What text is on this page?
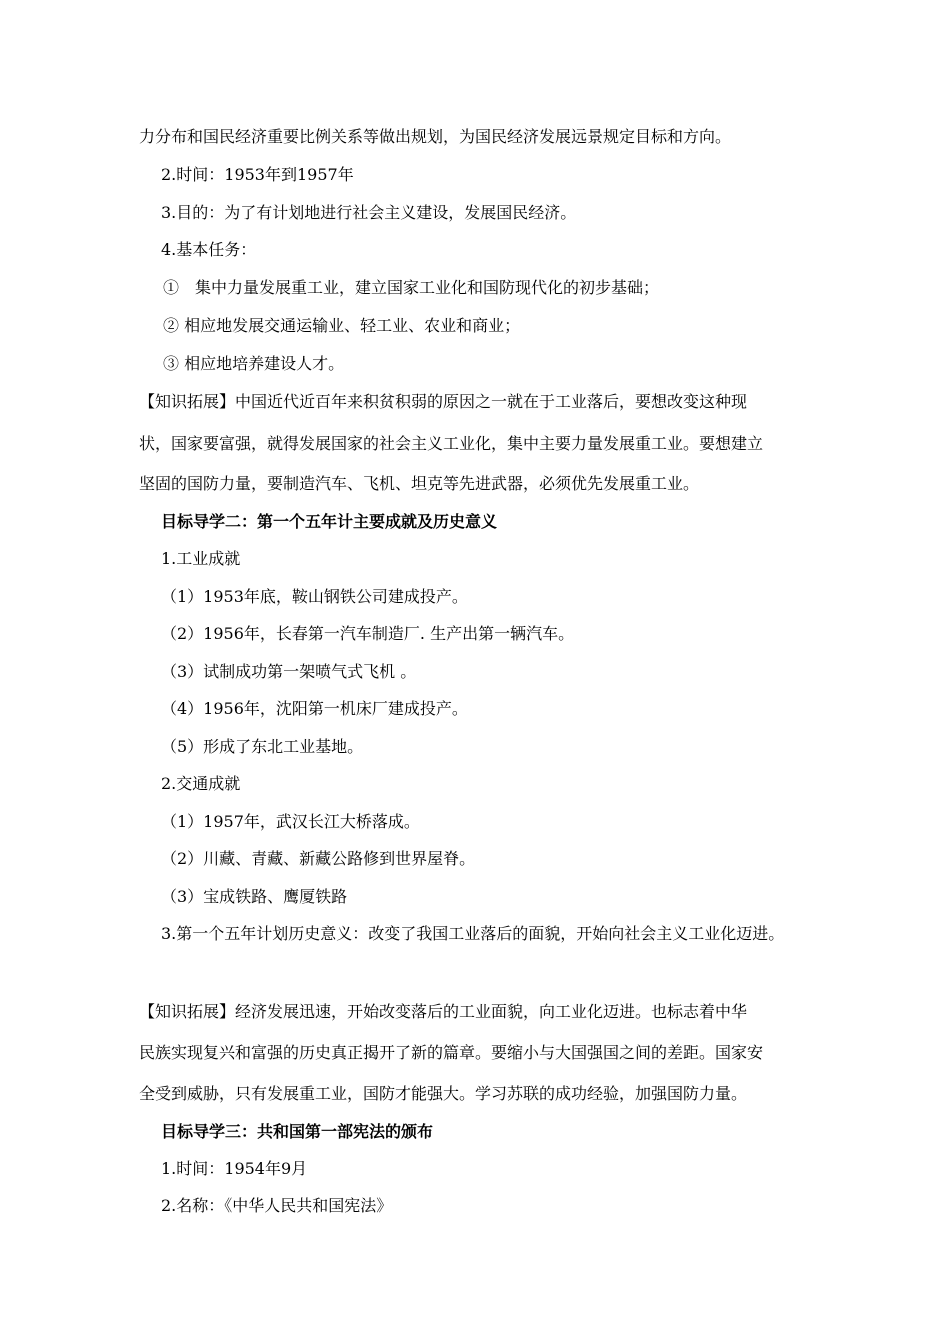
力分布和国民经济重要比例关系等做出规划，为国民经济发展远景规定目标和方向。
2.时间：1953年到1957年
3.目的：为了有计划地进行社会主义建设，发展国民经济。
4.基本任务：
①　集中力量发展重工业，建立国家工业化和国防现代化的初步基础；
② 相应地发展交通运输业、轻工业、农业和商业；
③ 相应地培养建设人才。
【知识拓展】中国近代近百年来积贫积弱的原因之一就在于工业落后，要想改变这种现
状，国家要富强，就得发展国家的社会主义工业化，集中主要力量发展重工业。要想建立
坚固的国防力量，要制造汽车、飞机、坦克等先进武器，必须优先发展重工业。
目标导学二：第一个五年计主要成就及历史意义
1.工业成就
（1）1953年底，鞍山钢铁公司建成投产。
（2）1956年，长春第一汽车制造厂. 生产出第一辆汽车。
（3）试制成功第一架喷气式飞机 。
（4）1956年，沈阳第一机床厂建成投产。
（5）形成了东北工业基地。
2.交通成就
（1）1957年，武汉长江大桥落成。
（2）川藏、青藏、新藏公路修到世界屋脊。
（3）宝成铁路、鹰厦铁路
3.第一个五年计划历史意义：改变了我国工业落后的面貌，开始向社会主义工业化迈进。
【知识拓展】经济发展迅速，开始改变落后的工业面貌，向工业化迈进。也标志着中华
民族实现复兴和富强的历史真正揭开了新的篇章。要缩小与大国强国之间的差距。国家安
全受到威胁，只有发展重工业，国防才能强大。学习苏联的成功经验，加强国防力量。
目标导学三：共和国第一部宪法的颁布
1.时间：1954年9月
2.名称：《中华人民共和国宪法》
